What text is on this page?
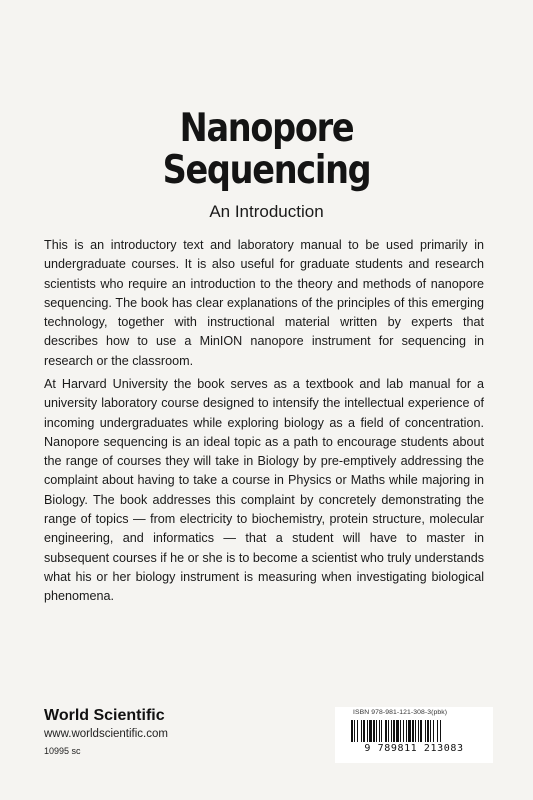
Nanopore
Sequencing
An Introduction
This is an introductory text and laboratory manual to be used primarily in undergraduate courses. It is also useful for graduate students and research scientists who require an introduction to the theory and methods of nanopore sequencing. The book has clear explanations of the principles of this emerging technology, together with instructional material written by experts that describes how to use a MinION nanopore instrument for sequencing in research or the classroom.
At Harvard University the book serves as a textbook and lab manual for a university laboratory course designed to intensify the intellectual experience of incoming undergraduates while exploring biology as a field of concentration. Nanopore sequencing is an ideal topic as a path to encourage students about the range of courses they will take in Biology by pre-emptively addressing the complaint about having to take a course in Physics or Maths while majoring in Biology. The book addresses this complaint by concretely demonstrating the range of topics — from electricity to biochemistry, protein structure, molecular engineering, and informatics — that a student will have to master in subsequent courses if he or she is to become a scientist who truly understands what his or her biology instrument is measuring when investigating biological phenomena.
World Scientific
www.worldscientific.com
10995 sc
ISBN 978-981-121-308-3(pbk)
9 789811 213083
